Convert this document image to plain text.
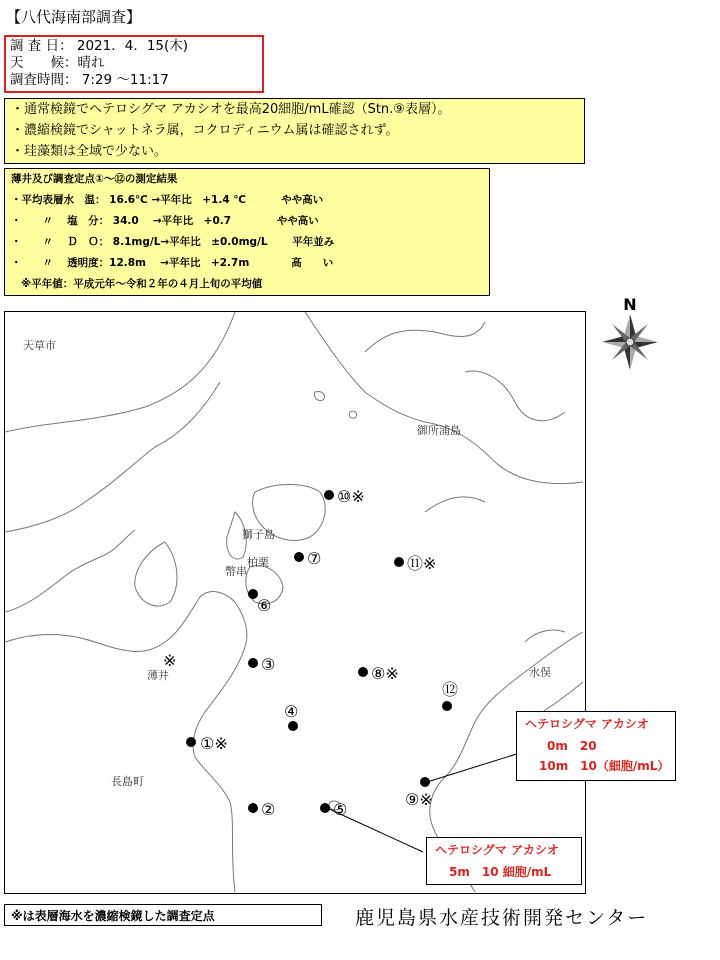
【八代海南部調査】
調 査 日： 2021．4．15(木)
天　　候：晴れ
調査時間： 7:29 ～11:17
・通常検鏡でヘテロシグマ アカシオを最高20細胞/mL確認（Stn.⑨表層）。
・濃縮検鏡でシャットネラ属，コクロディニウム属は確認されず。
・珪藻類は全域で少ない。
薄井及び調査定点①～⑫の測定結果
・平均表層水　温： 16.6℃ →平年比　+1.4 ℃　　　 やや高い
・　　〃　 塩　分： 34.0　 →平年比　+0.7　　　　 やや高い
・　　〃　 Ｄ　Ｏ： 8.1mg/L→平年比　±0.0mg/L　　 平年並み
・　　〃　 透明度：12.8m　 →平年比　+2.7m　　　　高　　い
※平年値：平成元年～令和２年の４月上旬の平均値
N
天草市
御所浦島
獅子島
柏栗
幣串
薄井	水俣
長島町
※
①※
②
③
④
⑤
⑥
⑦
⑧※
⑨※
⑩※
⑪※
⑫
ヘテロシグマ アカシオ
0m　20
10m　10（細胞/mL）
ヘテロシグマ アカシオ
5m　10 細胞/mL
※は表層海水を濃縮検鏡した調査定点	鹿児島県水産技術開発センター
